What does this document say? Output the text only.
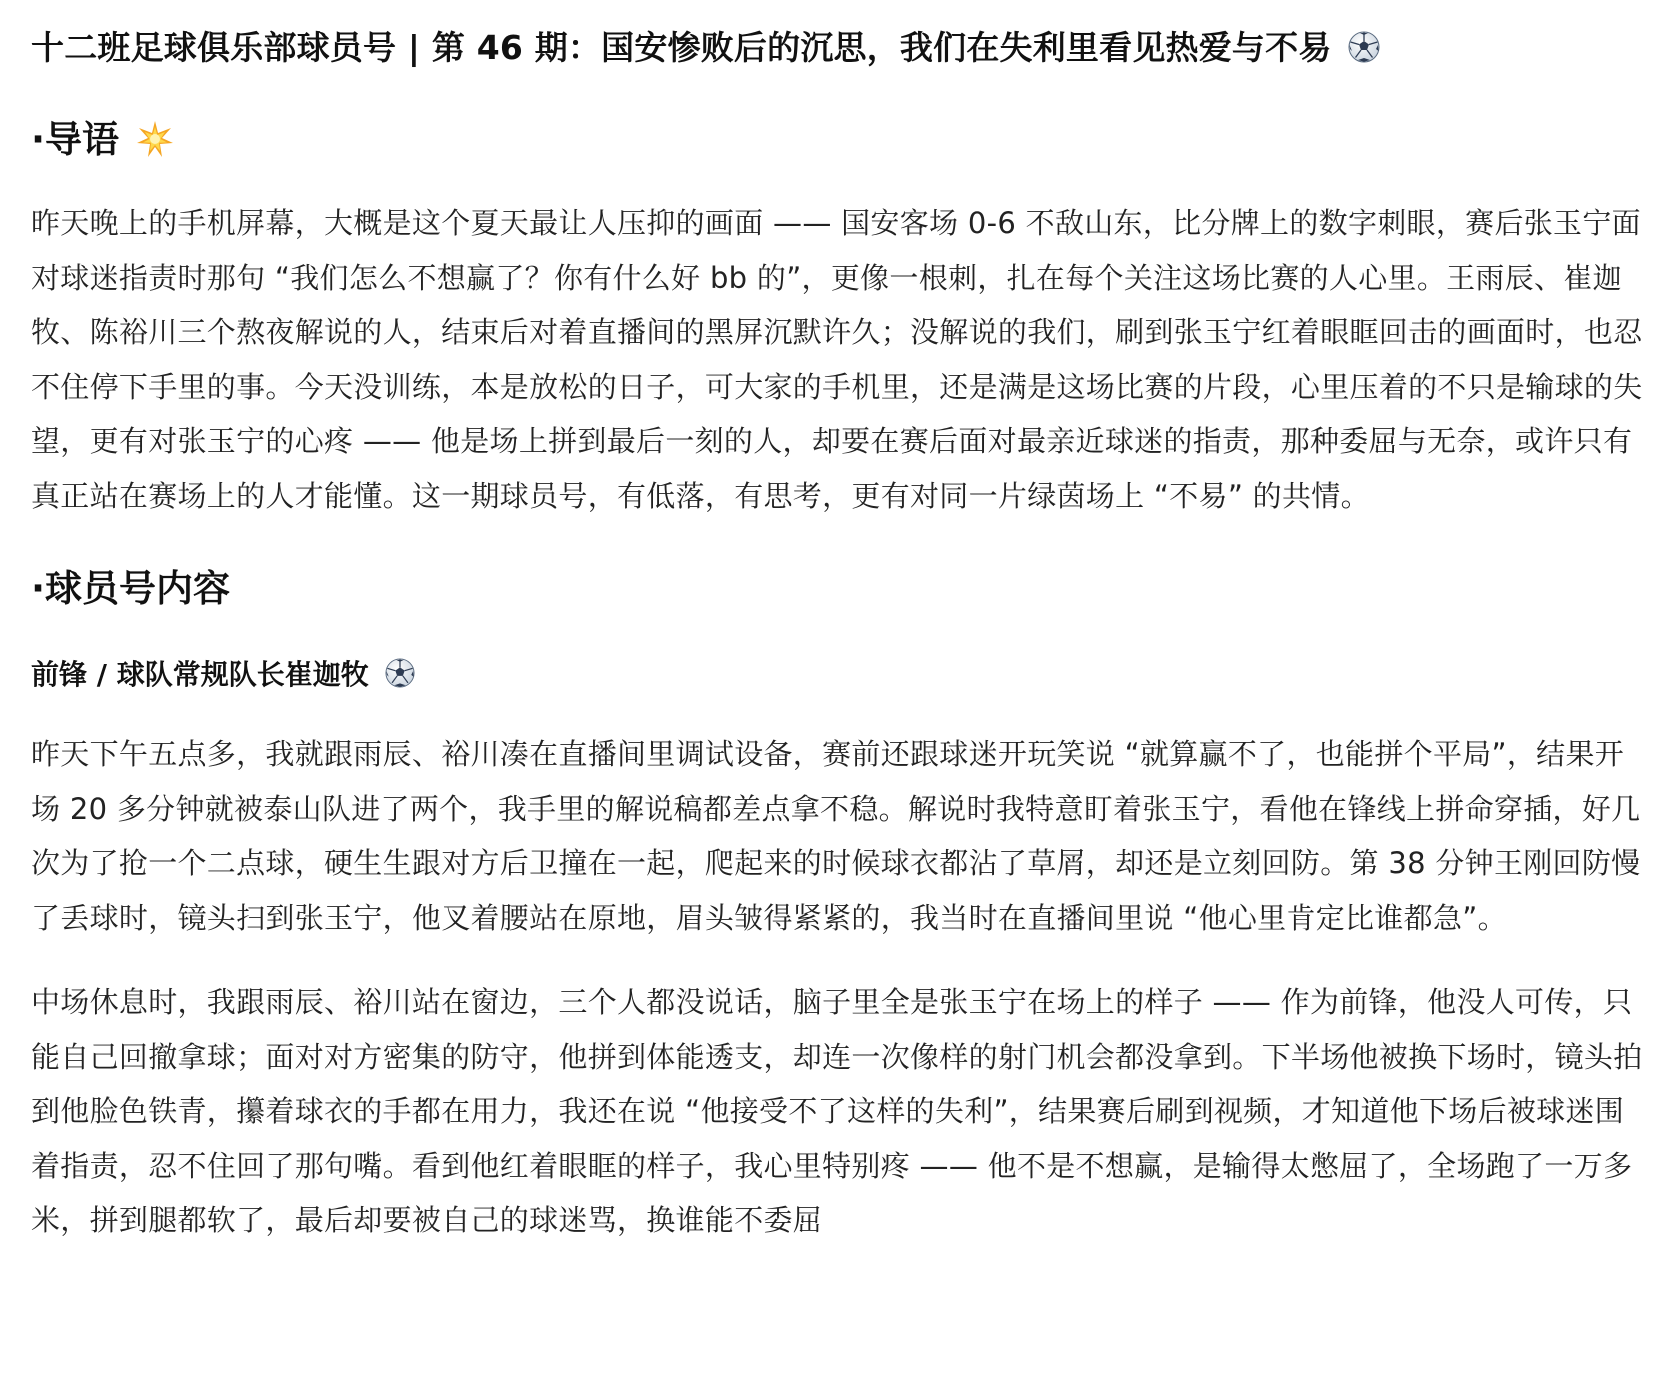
十二班足球俱乐部球员号 | 第 46 期：国安惨败后的沉思，我们在失利里看见热爱与不易
·导语

昨天晚上的手机屏幕，大概是这个夏天最让人压抑的画面 —— 国安客场 0-6 不敌山东，比分牌上的数字刺眼，赛后张玉宁面对球迷指责时那句 “我们怎么不想赢了？你有什么好 bb 的”，更像一根刺，扎在每个关注这场比赛的人心里。王雨辰、崔迦牧、陈裕川三个熬夜解说的人，结束后对着直播间的黑屏沉默许久；没解说的我们，刷到张玉宁红着眼眶回击的画面时，也忍不住停下手里的事。今天没训练，本是放松的日子，可大家的手机里，还是满是这场比赛的片段，心里压着的不只是输球的失望，更有对张玉宁的心疼 —— 他是场上拼到最后一刻的人，却要在赛后面对最亲近球迷的指责，那种委屈与无奈，或许只有真正站在赛场上的人才能懂。这一期球员号，有低落，有思考，更有对同一片绿茵场上 “不易” 的共情。

·球员号内容
前锋 / 球队常规队长崔迦牧

昨天下午五点多，我就跟雨辰、裕川凑在直播间里调试设备，赛前还跟球迷开玩笑说 “就算赢不了，也能拼个平局”，结果开场 20 多分钟就被泰山队进了两个，我手里的解说稿都差点拿不稳。解说时我特意盯着张玉宁，看他在锋线上拼命穿插，好几次为了抢一个二点球，硬生生跟对方后卫撞在一起，爬起来的时候球衣都沾了草屑，却还是立刻回防。第 38 分钟王刚回防慢了丢球时，镜头扫到张玉宁，他叉着腰站在原地，眉头皱得紧紧的，我当时在直播间里说 “他心里肯定比谁都急”。

中场休息时，我跟雨辰、裕川站在窗边，三个人都没说话，脑子里全是张玉宁在场上的样子 —— 作为前锋，他没人可传，只能自己回撤拿球；面对对方密集的防守，他拼到体能透支，却连一次像样的射门机会都没拿到。下半场他被换下场时，镜头拍到他脸色铁青，攥着球衣的手都在用力，我还在说 “他接受不了这样的失利”，结果赛后刷到视频，才知道他下场后被球迷围着指责，忍不住回了那句嘴。看到他红着眼眶的样子，我心里特别疼 —— 他不是不想赢，是输得太憋屈了，全场跑了一万多米，拼到腿都软了，最后却要被自己的球迷骂，换谁能不委屈
